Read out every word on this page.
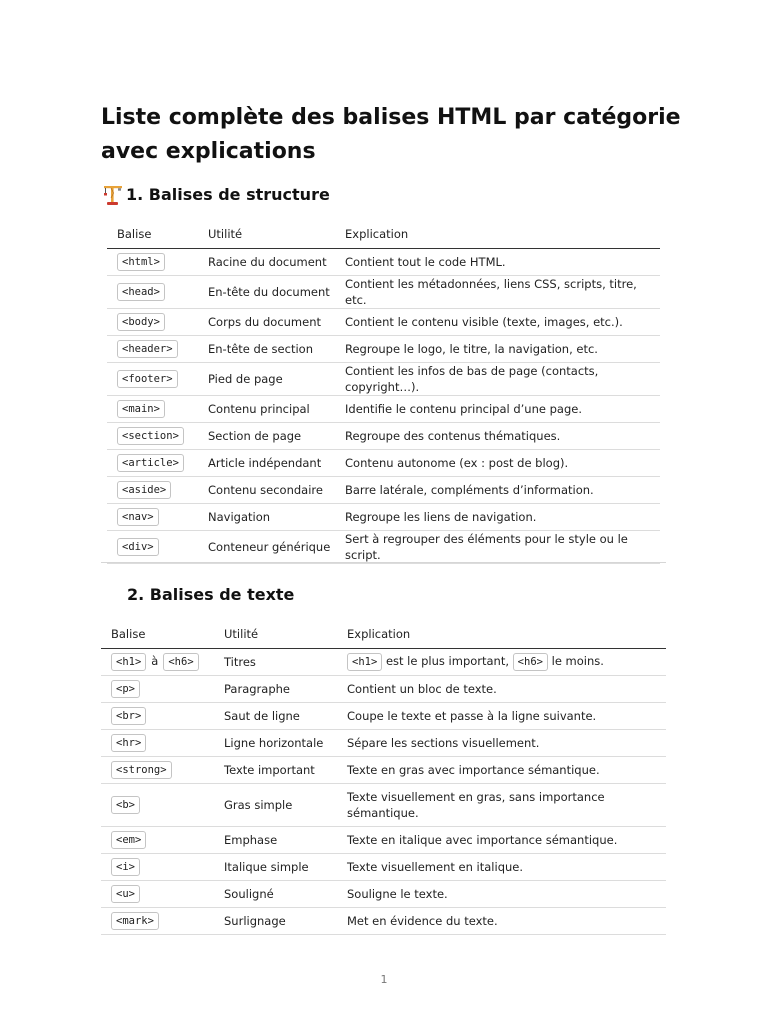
Liste complète des balises HTML par catégorie avec explications
1. Balises de structure
Balise	Utilité	Explication
<html>	Racine du document	Contient tout le code HTML.
<head>	En-tête du document	Contient les métadonnées, liens CSS, scripts, titre, etc.
<body>	Corps du document	Contient le contenu visible (texte, images, etc.).
<header>	En-tête de section	Regroupe le logo, le titre, la navigation, etc.
<footer>	Pied de page	Contient les infos de bas de page (contacts, copyright…).
<main>	Contenu principal	Identifie le contenu principal d’une page.
<section>	Section de page	Regroupe des contenus thématiques.
<article>	Article indépendant	Contenu autonome (ex : post de blog).
<aside>	Contenu secondaire	Barre latérale, compléments d’information.
<nav>	Navigation	Regroupe les liens de navigation.
<div>	Conteneur générique	Sert à regrouper des éléments pour le style ou le script.
2. Balises de texte
Balise	Utilité	Explication
<h1> à <h6>	Titres	<h1> est le plus important, <h6> le moins.
<p>	Paragraphe	Contient un bloc de texte.
<br>	Saut de ligne	Coupe le texte et passe à la ligne suivante.
<hr>	Ligne horizontale	Sépare les sections visuellement.
<strong>	Texte important	Texte en gras avec importance sémantique.
<b>	Gras simple	Texte visuellement en gras, sans importance sémantique.
<em>	Emphase	Texte en italique avec importance sémantique.
<i>	Italique simple	Texte visuellement en italique.
<u>	Souligné	Souligne le texte.
<mark>	Surlignage	Met en évidence du texte.
1
